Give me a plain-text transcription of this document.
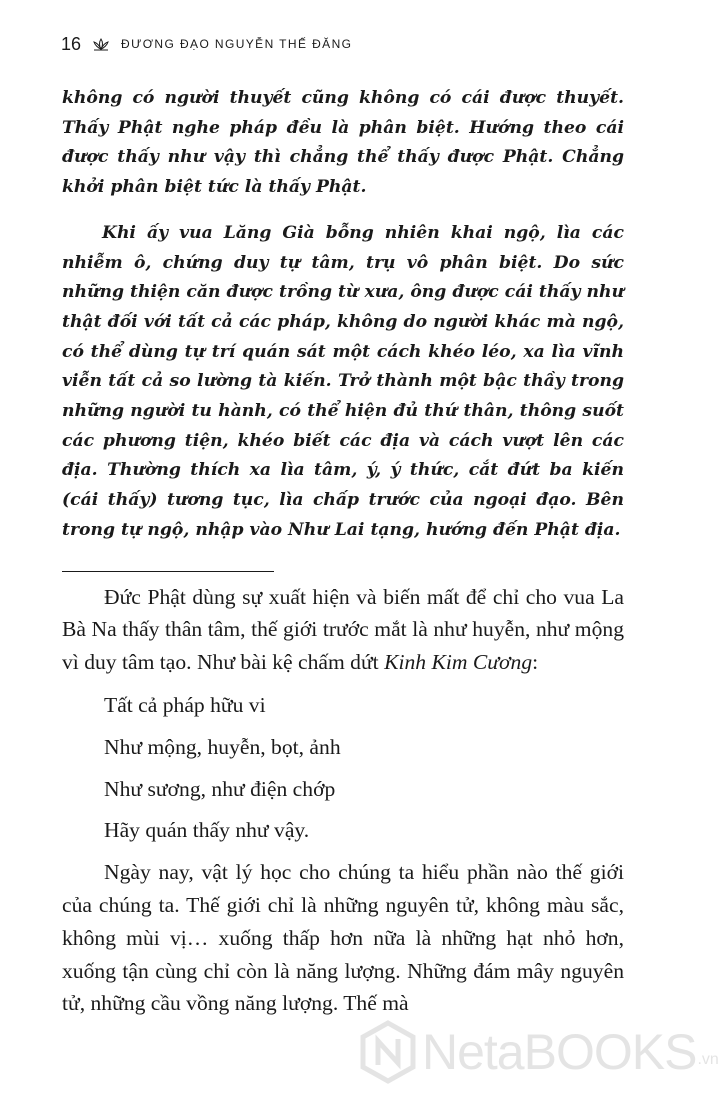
16	ĐƯƠNG ĐẠO NGUYỄN THẾ ĐĂNG

không có người thuyết cũng không có cái được thuyết. Thấy Phật nghe pháp đều là phân biệt. Hướng theo cái được thấy như vậy thì chẳng thể thấy được Phật. Chẳng khởi phân biệt tức là thấy Phật.

Khi ấy vua Lăng Già bỗng nhiên khai ngộ, lìa các nhiễm ô, chứng duy tự tâm, trụ vô phân biệt. Do sức những thiện căn được trồng từ xưa, ông được cái thấy như thật đối với tất cả các pháp, không do người khác mà ngộ, có thể dùng tự trí quán sát một cách khéo léo, xa lìa vĩnh viễn tất cả so lường tà kiến. Trở thành một bậc thầy trong những người tu hành, có thể hiện đủ thứ thân, thông suốt các phương tiện, khéo biết các địa và cách vượt lên các địa. Thường thích xa lìa tâm, ý, ý thức, cắt đứt ba kiến (cái thấy) tương tục, lìa chấp trước của ngoại đạo. Bên trong tự ngộ, nhập vào Như Lai tạng, hướng đến Phật địa.

Đức Phật dùng sự xuất hiện và biến mất để chỉ cho vua La Bà Na thấy thân tâm, thế giới trước mắt là như huyễn, như mộng vì duy tâm tạo. Như bài kệ chấm dứt Kinh Kim Cương:

Tất cả pháp hữu vi
Như mộng, huyễn, bọt, ảnh
Như sương, như điện chớp
Hãy quán thấy như vậy.

Ngày nay, vật lý học cho chúng ta hiểu phần nào thế giới của chúng ta. Thế giới chỉ là những nguyên tử, không màu sắc, không mùi vị… xuống thấp hơn nữa là những hạt nhỏ hơn, xuống tận cùng chỉ còn là năng lượng. Những đám mây nguyên tử, những cầu vồng năng lượng. Thế mà

NetaBOOKS .vn
